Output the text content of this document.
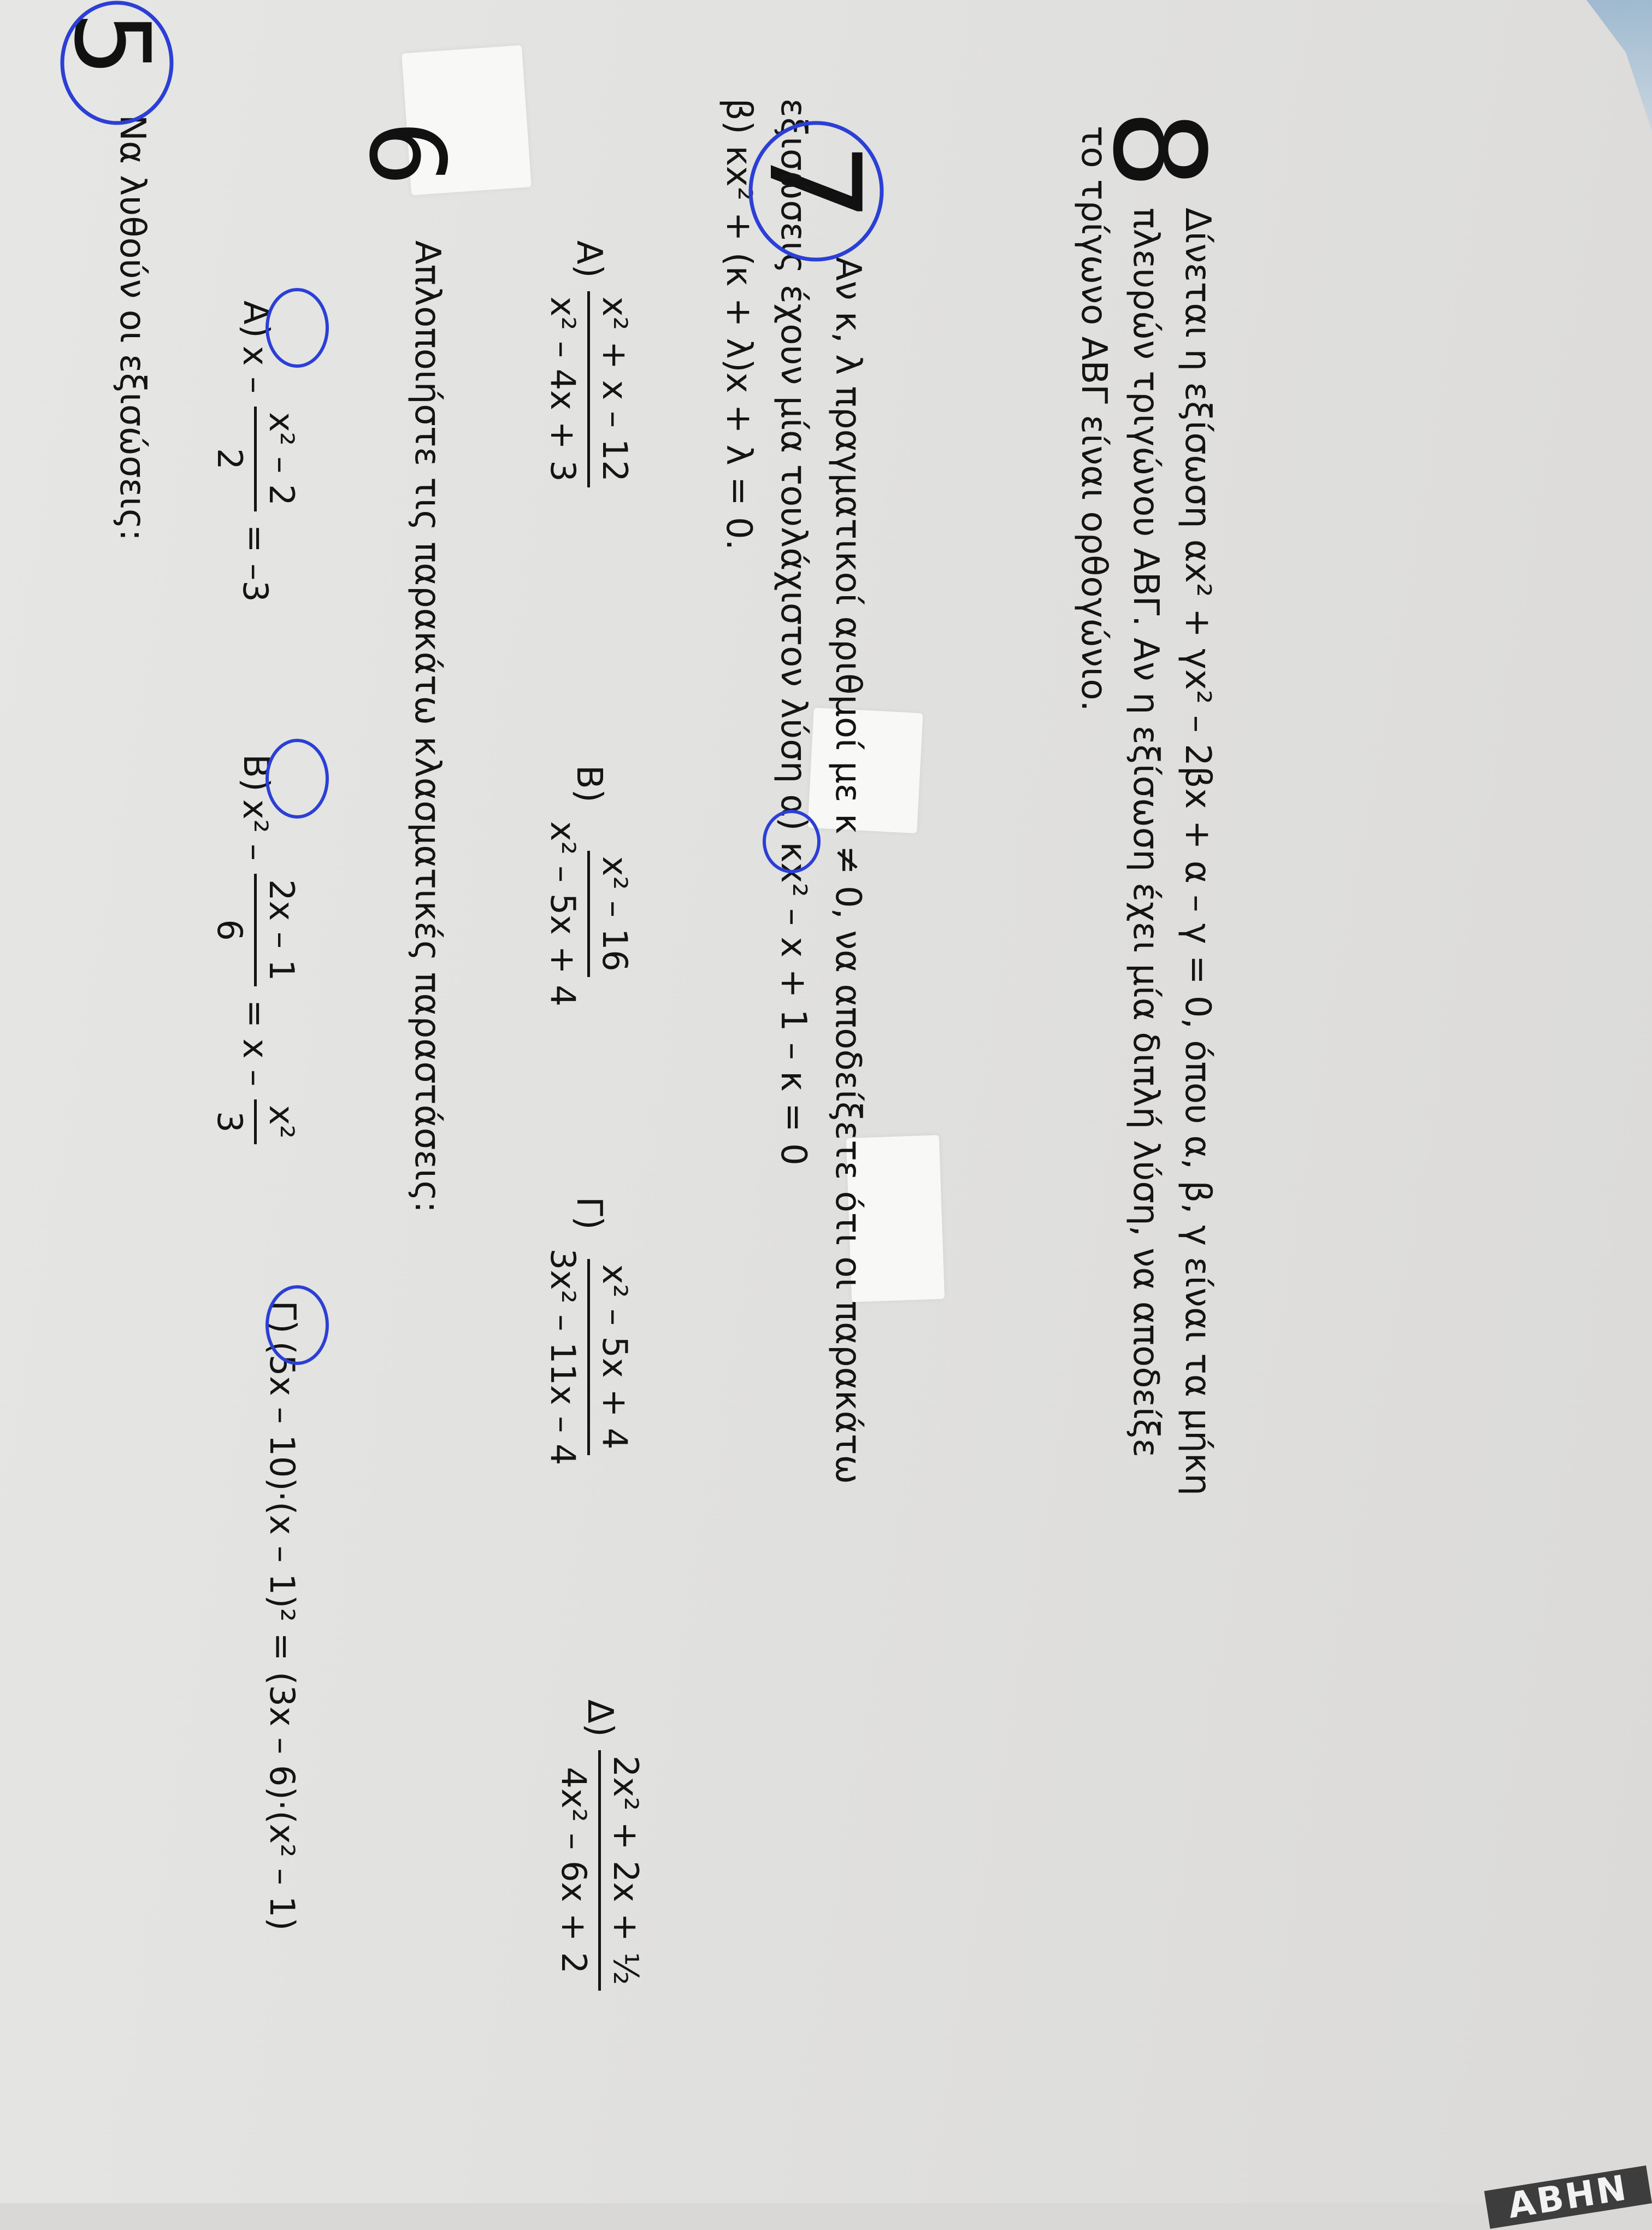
ΑΒΗΝ
5
Να λυθούν οι εξισώσεις: Α)
x –
x² – 2
2
= –3
Β)
x² –
2x – 1
6
= x –
x²
3
Γ)
(5x – 10)·(x – 1)² = (3x – 6)·(x² – 1)
6
Απλοποιήστε τις παρακάτω κλασματικές παραστάσεις:	Α)
x² + x – 12
x² – 4x + 3
Β)
x² – 16
x² – 5x + 4
Γ)
x² – 5x + 4
3x² – 11x – 4
Δ)
2x² + 2x + ½
4x² – 6x + 2
7
Αν κ, λ πραγματικοί αριθμοί με κ ≠ 0, να αποδείξετε ότι οι παρακάτω
εξισώσεις έχουν μία τουλάχιστον λύση
α)
κx² – x + 1 – κ = 0
β) κx² + (κ + λ)x + λ = 0.	8
Δίνεται η εξίσωση αx² + γx² – 2βx + α – γ = 0, όπου α, β, γ είναι τα μήκη
πλευρών τριγώνου ΑΒΓ. Αν η εξίσωση έχει μία διπλή λύση, να αποδείξε
το τρίγωνο ΑΒΓ είναι ορθογώνιο.
